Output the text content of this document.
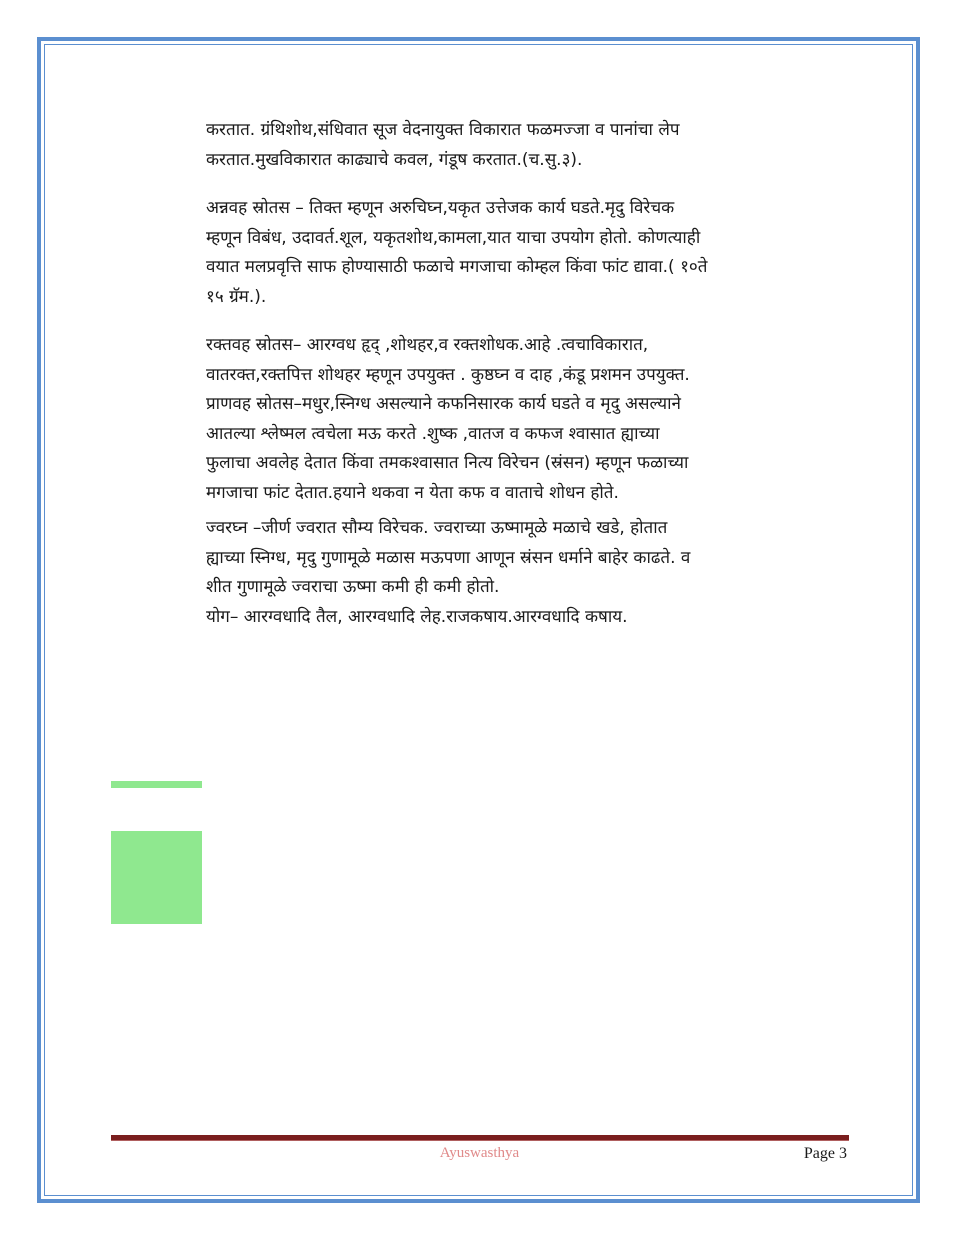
करतात. ग्रंथिशोथ,संधिवात सूज वेदनायुक्त विकारात फळमज्जा व पानांचा लेप

करतात.मुखविकारात काढ्याचे कवल, गंडूष करतात.(च.सु.३).

अन्नवह स्रोतस – तिक्त म्हणून अरुचिघ्न,यकृत उत्तेजक कार्य घडते.मृदु विरेचक

म्हणून विबंध, उदावर्त.शूल, यकृतशोथ,कामला,यात याचा उपयोग होतो. कोणत्याही

वयात मलप्रवृत्ति साफ होण्यासाठी फळाचे मगजाचा कोम्हल किंवा फांट द्यावा.( १०ते

१५ ग्रॅम.).

रक्तवह स्रोतस– आरग्वध हृद् ,शोथहर,व रक्तशोधक.आहे .त्वचाविकारात,

वातरक्त,रक्तपित्त शोथहर म्हणून उपयुक्त . कुष्ठघ्न व दाह ,कंडू प्रशमन उपयुक्त.

प्राणवह स्रोतस–मधुर,स्निग्ध असल्याने कफनिसारक कार्य घडते व मृदु असल्याने

आतल्या श्लेष्मल त्वचेला मऊ करते .शुष्क ,वातज व कफज श्वासात ह्याच्या

फुलाचा अवलेह देतात किंवा तमकश्वासात नित्य विरेचन (स्रंसन) म्हणून फळाच्या

मगजाचा फांट देतात.हयाने थकवा न येता कफ व वाताचे शोधन होते.

ज्वरघ्न –जीर्ण ज्वरात सौम्य विरेचक. ज्वराच्या ऊष्मामूळे मळाचे खडे, होतात

ह्याच्या स्निग्ध, मृदु गुणामूळे मळास मऊपणा आणून स्रंसन धर्माने बाहेर काढते. व

शीत गुणामूळे ज्वराचा ऊष्मा कमी ही कमी होतो.

योग– आरग्वधादि तैल, आरग्वधादि लेह.राजकषाय.आरग्वधादि कषाय.

Ayuswasthya	Page 3
